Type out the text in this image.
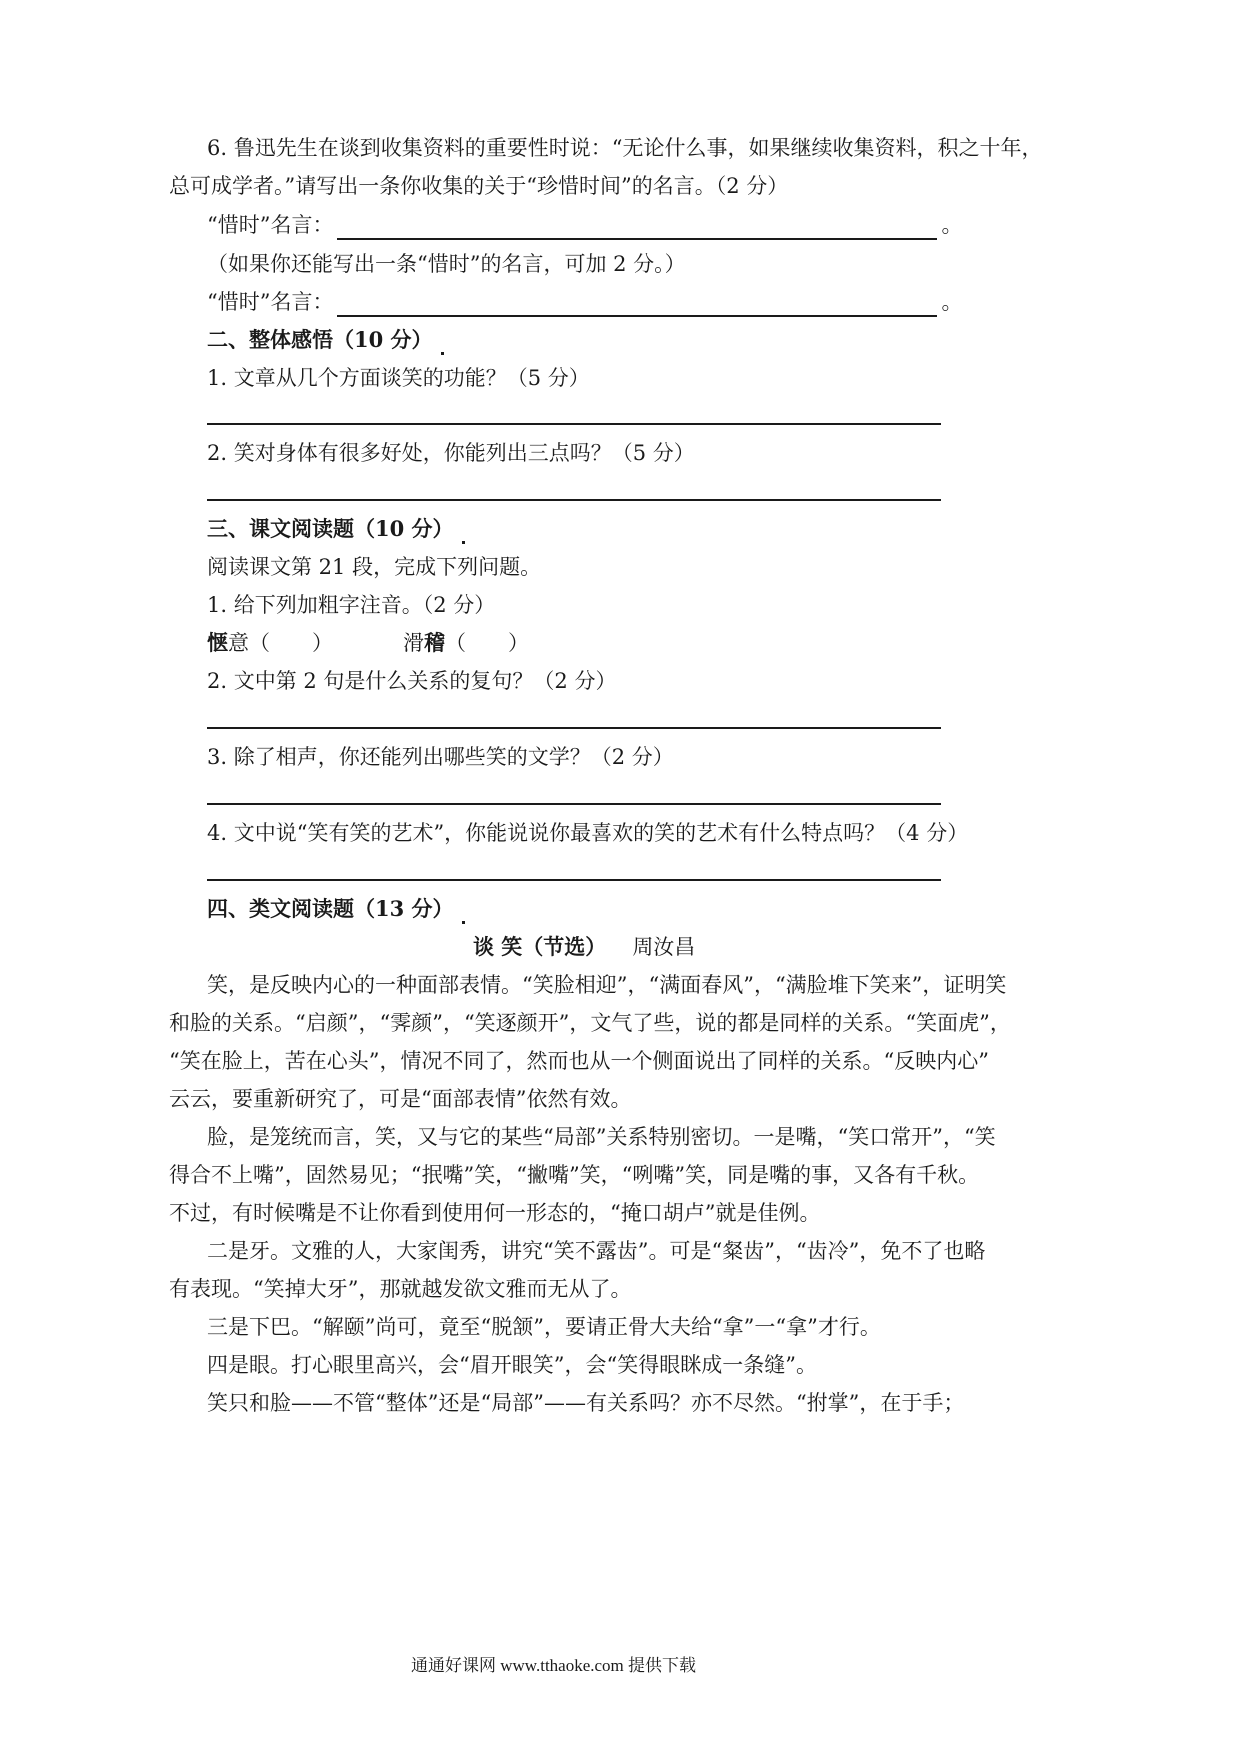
6. 鲁迅先生在谈到收集资料的重要性时说：“无论什么事，如果继续收集资料，积之十年，
总可成学者。”请写出一条你收集的关于“珍惜时间”的名言。（2 分）
“惜时”名言：	。
（如果你还能写出一条“惜时”的名言，可加 2 分。）
“惜时”名言：	。
二、整体感悟（10 分）
1. 文章从几个方面谈笑的功能？（5 分）
2. 笑对身体有很多好处，你能列出三点吗？（5 分）
三、课文阅读题（10 分）
阅读课文第 21 段，完成下列问题。
1. 给下列加粗字注音。（2 分）
惬意（　　）	滑稽（　　）
2. 文中第 2 句是什么关系的复句？（2 分）
3. 除了相声，你还能列出哪些笑的文学？（2 分）
4. 文中说“笑有笑的艺术”，你能说说你最喜欢的笑的艺术有什么特点吗？（4 分）
四、类文阅读题（13 分）
谈 笑（节选） 周汝昌
笑，是反映内心的一种面部表情。“笑脸相迎”，“满面春风”，“满脸堆下笑来”，证明笑
和脸的关系。“启颜”，“霁颜”，“笑逐颜开”，文气了些，说的都是同样的关系。“笑面虎”，
“笑在脸上，苦在心头”，情况不同了，然而也从一个侧面说出了同样的关系。“反映内心”
云云，要重新研究了，可是“面部表情”依然有效。
脸，是笼统而言，笑，又与它的某些“局部”关系特别密切。一是嘴，“笑口常开”，“笑
得合不上嘴”，固然易见；“抿嘴”笑，“撇嘴”笑，“咧嘴”笑，同是嘴的事，又各有千秋。
不过，有时候嘴是不让你看到使用何一形态的，“掩口胡卢”就是佳例。
二是牙。文雅的人，大家闺秀，讲究“笑不露齿”。可是“粲齿”，“齿冷”，免不了也略
有表现。“笑掉大牙”，那就越发欲文雅而无从了。
三是下巴。“解颐”尚可，竟至“脱颔”，要请正骨大夫给“拿”一“拿”才行。
四是眼。打心眼里高兴，会“眉开眼笑”，会“笑得眼眯成一条缝”。
笑只和脸——不管“整体”还是“局部”——有关系吗？亦不尽然。“拊掌”，在于手；
通通好课网 www.tthaoke.com 提供下载
